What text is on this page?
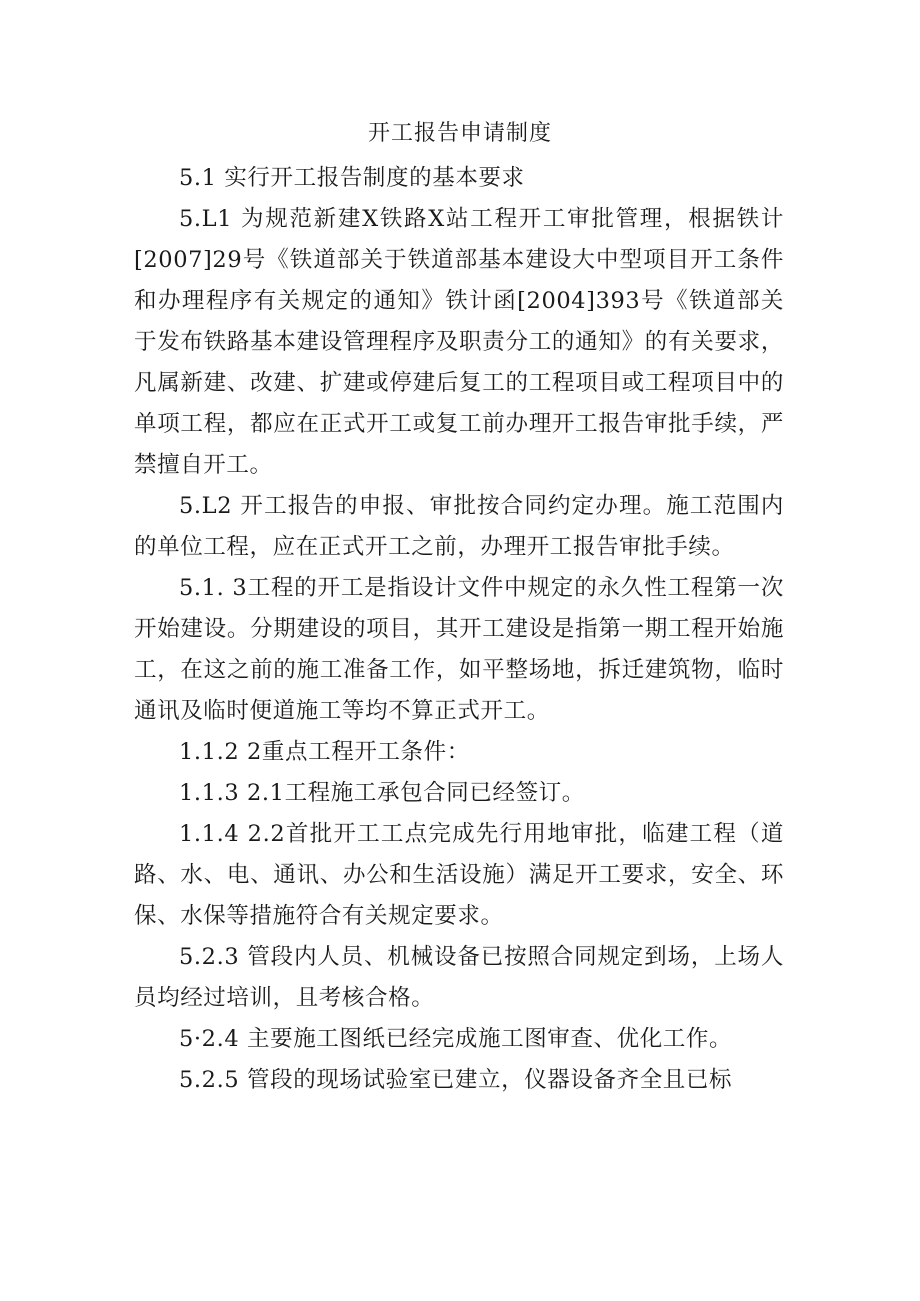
开工报告申请制度

5.1 实行开工报告制度的基本要求

5.L1 为规范新建X铁路X站工程开工审批管理，根据铁计[2007]29号《铁道部关于铁道部基本建设大中型项目开工条件和办理程序有关规定的通知》铁计函[2004]393号《铁道部关于发布铁路基本建设管理程序及职责分工的通知》的有关要求，凡属新建、改建、扩建或停建后复工的工程项目或工程项目中的单项工程，都应在正式开工或复工前办理开工报告审批手续，严禁擅自开工。

5.L2 开工报告的申报、审批按合同约定办理。施工范围内的单位工程，应在正式开工之前，办理开工报告审批手续。

5.1. 3工程的开工是指设计文件中规定的永久性工程第一次开始建设。分期建设的项目，其开工建设是指第一期工程开始施工，在这之前的施工准备工作，如平整场地，拆迁建筑物，临时通讯及临时便道施工等均不算正式开工。

1.1.2 2重点工程开工条件：

1.1.3 2.1工程施工承包合同已经签订。

1.1.4 2.2首批开工工点完成先行用地审批，临建工程（道路、水、电、通讯、办公和生活设施）满足开工要求，安全、环保、水保等措施符合有关规定要求。

5.2.3 管段内人员、机械设备已按照合同规定到场，上场人员均经过培训，且考核合格。

5·2.4 主要施工图纸已经完成施工图审查、优化工作。

5.2.5 管段的现场试验室已建立，仪器设备齐全且已标
